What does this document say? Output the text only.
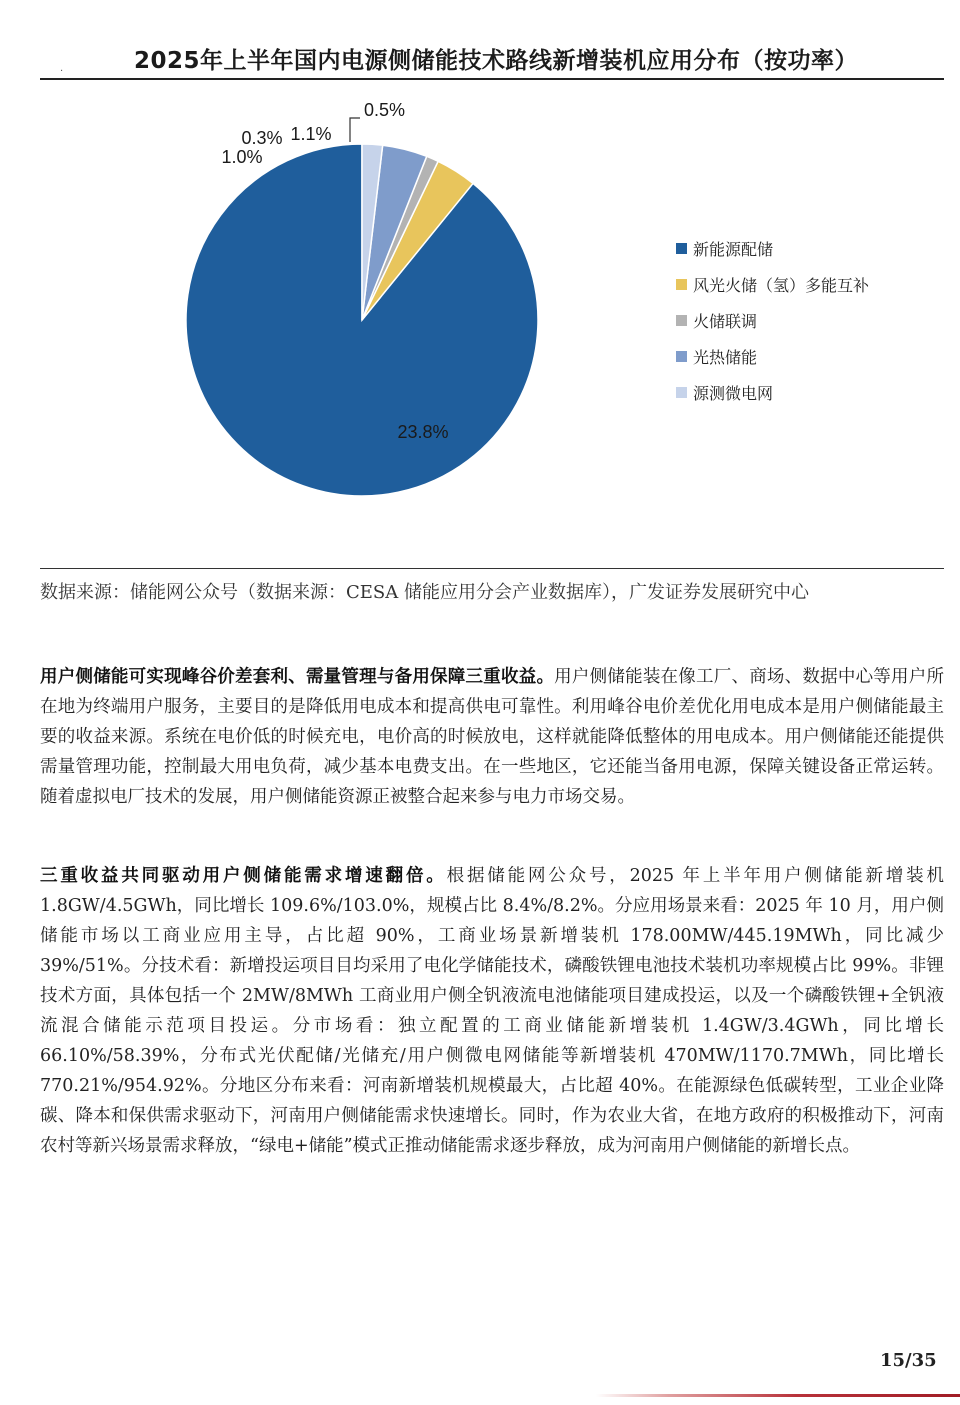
·	2025年上半年国内电源侧储能技术路线新增装机应用分布（按功率）
23.8%
1.0%
0.3% 1.1%
0.5%
新能源配储
风光火储（氢）多能互补
火储联调
光热储能
源测微电网
数据来源：储能网公众号（数据来源：CESA 储能应用分会产业数据库），广发证券发展研究中心
用户侧储能可实现峰谷价差套利、需量管理与备用保障三重收益。用户侧储能装在像工厂、商场、数据中心等用户所在地为终端用户服务，主要目的是降低用电成本和提高供电可靠性。利用峰谷电价差优化用电成本是用户侧储能最主要的收益来源。系统在电价低的时候充电，电价高的时候放电，这样就能降低整体的用电成本。用户侧储能还能提供需量管理功能，控制最大用电负荷，减少基本电费支出。在一些地区，它还能当备用电源，保障关键设备正常运转。随着虚拟电厂技术的发展，用户侧储能资源正被整合起来参与电力市场交易。
三重收益共同驱动用户侧储能需求增速翻倍。根据储能网公众号，2025 年上半年用户侧储能新增装机 1.8GW/4.5GWh，同比增长 109.6%/103.0%，规模占比 8.4%/8.2%。分应用场景来看：2025 年 10 月，用户侧储能市场以工商业应用主导，占比超 90%，工商业场景新增装机 178.00MW/445.19MWh，同比减少 39%/51%。分技术看：新增投运项目目均采用了电化学储能技术，磷酸铁锂电池技术装机功率规模占比 99%。非锂技术方面，具体包括一个 2MW/8MWh 工商业用户侧全钒液流电池储能项目建成投运，以及一个磷酸铁锂+全钒液流混合储能示范项目投运。分市场看：独立配置的工商业储能新增装机 1.4GW/3.4GWh，同比增长 66.10%/58.39%，分布式光伏配储/光储充/用户侧微电网储能等新增装机 470MW/1170.7MWh，同比增长 770.21%/954.92%。分地区分布来看：河南新增装机规模最大，占比超 40%。在能源绿色低碳转型，工业企业降碳、降本和保供需求驱动下，河南用户侧储能需求快速增长。同时，作为农业大省，在地方政府的积极推动下，河南农村等新兴场景需求释放，“绿电+储能”模式正推动储能需求逐步释放，成为河南用户侧储能的新增长点。
15/35
